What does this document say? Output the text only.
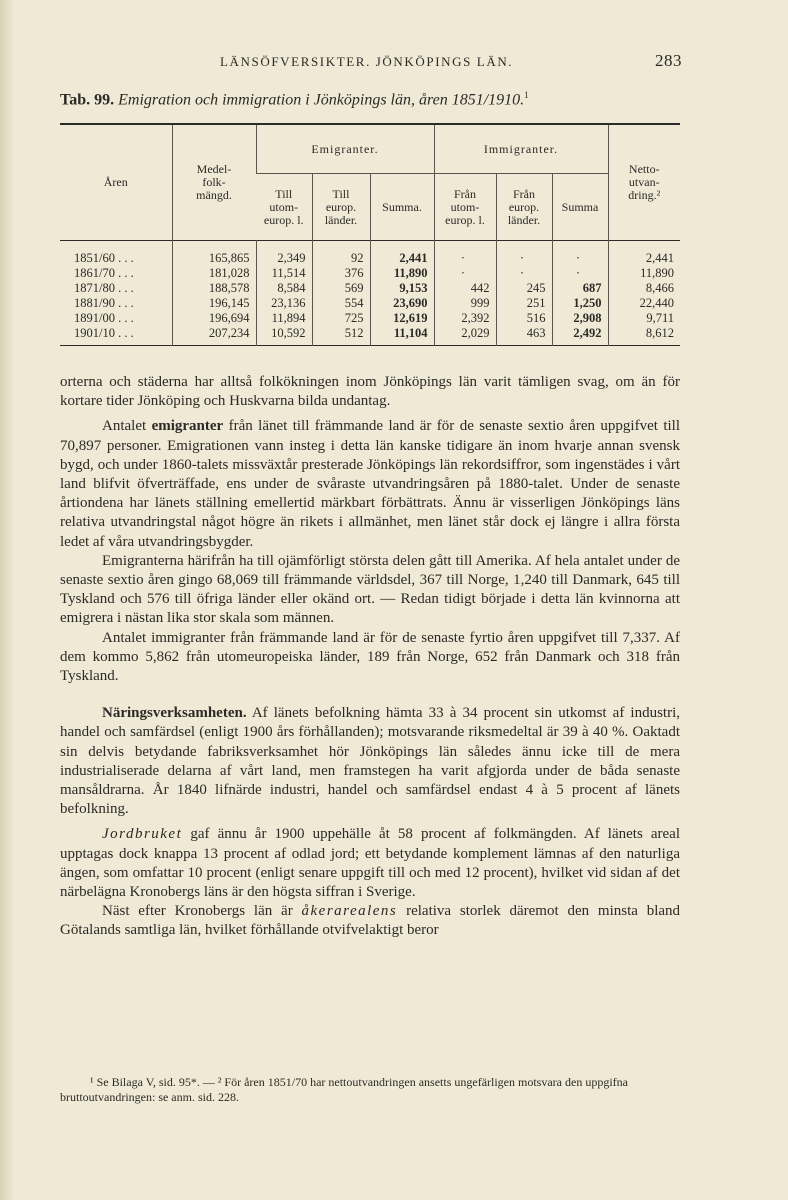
LÄNSÖFVERSIKTER. JÖNKÖPINGS LÄN.	283
Tab. 99. Emigration och immigration i Jönköpings län, åren 1851/1910.$^1$
Åren	Medel-
folk-
mängd.	Emigranter.			Immigranter.			Netto-
utvan-
dring.²
		Till
utom-
europ. l.	Till
europ.
länder.	Summa.	Från
utom-
europ. l.	Från
europ.
länder.	Summa	
1851/60 . . .	165,865	2,349	92	2,441	·	·	·	2,441
1861/70 . . .	181,028	11,514	376	11,890	·	·	·	11,890
1871/80 . . .	188,578	8,584	569	9,153	442	245	687	8,466
1881/90 . . .	196,145	23,136	554	23,690	999	251	1,250	22,440
1891/00 . . .	196,694	11,894	725	12,619	2,392	516	2,908	9,711
1901/10 . . .	207,234	10,592	512	11,104	2,029	463	2,492	8,612

orterna och städerna har alltså folkökningen inom Jönköpings län varit tämligen svag, om än för kortare tider Jönköping och Huskvarna bilda undantag.

Antalet emigranter från länet till främmande land är för de senaste sextio åren uppgifvet till 70,897 personer. Emigrationen vann insteg i detta län kanske tidigare än inom hvarje annan svensk bygd, och under 1860-talets missväxtår presterade Jönköpings län rekordsiffror, som ingenstädes i vårt land blifvit öfverträffade, ens under de svåraste utvandringsåren på 1880-talet. Under de senaste årtiondena har länets ställning emellertid märkbart förbättrats. Ännu är visserligen Jönköpings läns relativa utvandringstal något högre än rikets i allmänhet, men länet står dock ej längre i allra första ledet af våra utvandringsbygder.

Emigranterna härifrån ha till ojämförligt största delen gått till Amerika. Af hela antalet under de senaste sextio åren gingo 68,069 till främmande världsdel, 367 till Norge, 1,240 till Danmark, 645 till Tyskland och 576 till öfriga länder eller okänd ort. — Redan tidigt började i detta län kvinnorna att emigrera i nästan lika stor skala som männen.

Antalet immigranter från främmande land är för de senaste fyrtio åren uppgifvet till 7,337. Af dem kommo 5,862 från utomeuropeiska länder, 189 från Norge, 652 från Danmark och 318 från Tyskland.

Näringsverksamheten. Af länets befolkning hämta 33 à 34 procent sin utkomst af industri, handel och samfärdsel (enligt 1900 års förhållanden); motsvarande riksmedeltal är 39 à 40 %. Oaktadt sin delvis betydande fabriksverksamhet hör Jönköpings län således ännu icke till de mera industrialiserade delarna af vårt land, men framstegen ha varit afgjorda under de båda senaste mansåldrarna. År 1840 lifnärde industri, handel och samfärdsel endast 4 à 5 procent af länets befolkning.

Jordbruket gaf ännu år 1900 uppehälle åt 58 procent af folkmängden. Af länets areal upptagas dock knappa 13 procent af odlad jord; ett betydande komplement lämnas af den naturliga ängen, som omfattar 10 procent (enligt senare uppgift till och med 12 procent), hvilket vid sidan af det närbelägna Kronobergs läns är den högsta siffran i Sverige.

Näst efter Kronobergs län är åkerarealens relativa storlek däremot den minsta bland Götalands samtliga län, hvilket förhållande otvifvelaktigt beror

¹ Se Bilaga V, sid. 95*. — ² För åren 1851/70 har nettoutvandringen ansetts ungefärligen motsvara den uppgifna bruttoutvandringen: se anm. sid. 228.
